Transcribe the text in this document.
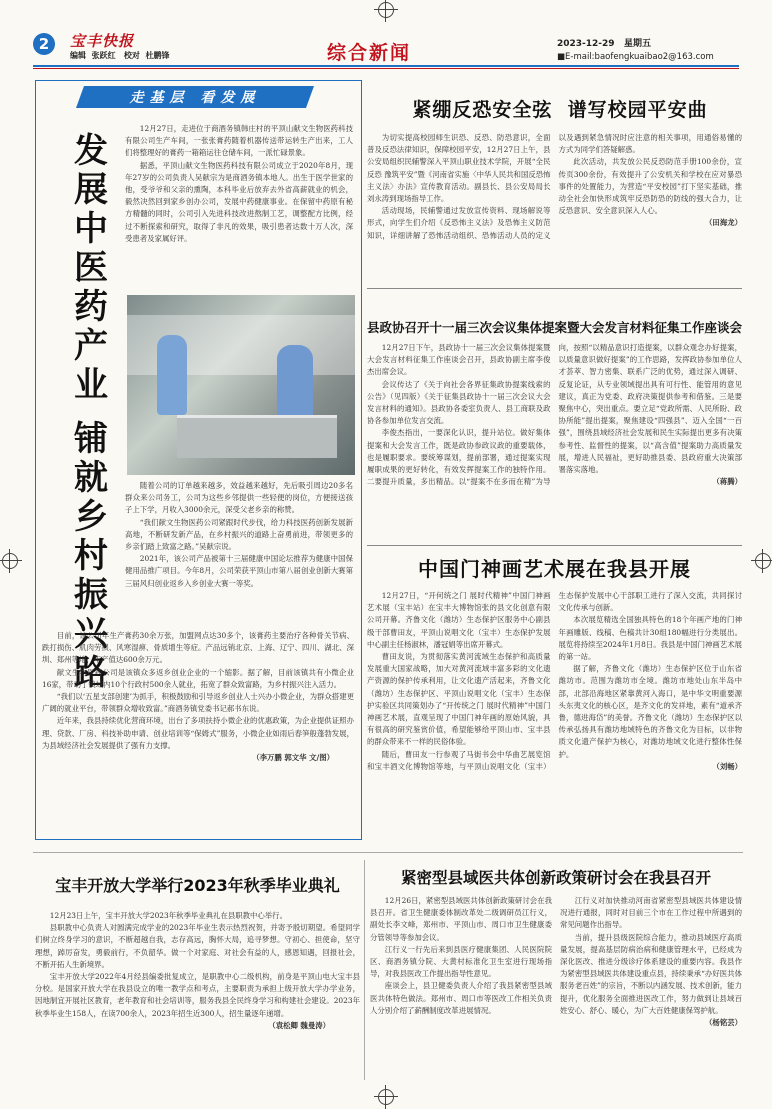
2	宝丰快报
编辑  张跃红   校对  杜鹏锋	综合新闻	2023-12-29   星期五
■E-mail:baofengkuaibao2@163.com
走基层 看发展
发展中医药产业
铺就乡村振兴路

12月27日，走进位于商酒务镇韩庄村的平顶山献文生物医药科技有限公司生产车间，一张张膏药随着机器传送带运转生产出来，工人们将整理好的膏药一箱箱运往仓储车间，一派忙碌景象。

据悉，平顶山献文生物医药科技有限公司成立于2020年8月，现年27岁的公司负责人吴献宗为是商酒务镇本地人。出生于医学世家的他，受爷爷和父亲的熏陶，本科毕业后放弃去外省高薪就业的机会，毅然决然回到家乡创办公司，发展中药健康事业。在保留中药原有秘方精髓的同时，公司引入先进科技改进熬制工艺，调整配方比例，经过不断探索和研究，取得了非凡的效果，吸引患者达数十万人次，深受患者及家属好评。

随着公司的订单越来越多，效益越来越好，先后吸引周边20多名群众来公司务工，公司为这些乡邻提供一些轻便的岗位，方便接送孩子上下学，月收入3000余元，深受父老乡亲的称赞。

“我们献文生物医药公司紧跟时代步伐，给力科技医药创新发展新高地，不断研发新产品，在乡村振兴的道路上奋勇前进，带领更多的乡亲们踏上致富之路。”吴献宗说。

2021年，该公司产品被第十三届健康中国论坛推荐为健康中国保健用品推广项目。今年8月，公司荣获平顶山市第八届创业创新大赛第三届风归创业返乡入乡创业大赛一等奖。

目前，该公司年生产膏药30余万张，加盟网点达30多个，该膏药主要治疗各种骨关节病、跌打损伤、肌肉劳损、风寒湿痹、骨质增生等症。产品远销北京、上海、辽宁、四川、湖北、深圳、郑州等地，年产值达600余万元。

献文生物医药公司是该镇众多返乡创业企业的一个缩影。据了解，目前该镇共有小微企业16家，带动了镇域内10个行政村500余人就业，拓宽了群众致富路，为乡村振兴注入活力。

“我们以‘五星支部创建’为抓手，积极鼓励和引导返乡创业人士兴办小微企业，为群众搭建更广阔的就业平台，带领群众增收致富。”商酒务镇党委书记郝书东说。

近年来，我县持续优化营商环境，出台了多项扶持小微企业的优惠政策，为企业提供证照办理、贷款、厂房、科技补助申请、创业培训等“保姆式”服务，小微企业如雨后春笋般蓬勃发展，为县域经济社会发展提供了强有力支撑。

（李万鹏 郭文华 文/图）
紧绷反恐安全弦  谱写校园平安曲

为切实提高校园师生识恐、反恐、防恐意识，全面普及反恐法律知识，保障校园平安，12月27日上午，县公安局组织民辅警深入平顶山职业技术学院，开展“全民反恐 豫筑平安”暨《河南省实施〈中华人民共和国反恐怖主义法〉办法》宣传教育活动。副县长、县公安局局长刘永涛到现场指导工作。

活动现场，民辅警通过发放宣传资料、现场解说等形式，向学生们介绍《反恐怖主义法》及恐怖主义防范知识，详细讲解了恐怖活动组织、恐怖活动人员的定义以及遇到紧急情况时应注意的相关事项，用通俗易懂的方式为同学们答疑解惑。

此次活动，共发放公民反恐防范手册100余份，宣传页300余份，有效提升了公安机关和学校在应对暴恐事件的处置能力，为营造“平安校园”打下坚实基础，推动全社会加快形成筑牢反恐防恐的防线的强大合力，让反恐意识、安全意识深入人心。

（田海龙）
县政协召开十一届三次会议集体提案暨大会发言材料征集工作座谈会

12月27日下午，县政协十一届三次会议集体提案暨大会发言材料征集工作座谈会召开，县政协副主席李俊杰出席会议。

会议传达了《关于向社会各界征集政协提案线索的公告》（见四版）《关于征集县政协十一届三次会议大会发言材料的通知》。县政协各委室负责人、县工商联及政协各参加单位发言交流。

李俊杰指出，一要深化认识，提升站位。做好集体提案和大会发言工作，既是政协参政议政的重要载体，也是履职要求。要统筹谋划，提前部署，通过提案实现履职成果的更好转化，有效发挥提案工作的独特作用。二要提升质量，多出精品。以“提案不在多而在精”为导向，按照“以精品意识打造提案，以群众观念办好提案，以质量意识做好提案”的工作思路，发挥政协参加单位人才荟萃、智力密集、联系广泛的优势，通过深入调研、反复论证，从专业领域提出具有可行性、能管用的意见建议，真正为党委、政府决策提供参考和借鉴。三是要聚焦中心，突出重点。要立足“党政所需、人民所盼、政协所能”提出提案，聚焦建设“四强县”、迈入全国“一百强”，围绕县域经济社会发展和民生实际提出更多有决策参考性、监督性的提案，以“高含值”提案助力高质量发展，增进人民福祉，更好助推县委、县政府重大决策部署落实落地。

（蒋腾）
中国门神画艺术展在我县开展

12月27日，“开何统之门 展时代精神”中国门神画艺术展（宝丰站）在宝丰大博物馆张的县文化创意有限公司开幕。齐鲁文化（潍坊）生态保护区服务中心副县级干部曹田友，平顶山说唱文化（宝丰）生态保护发展中心副主任杨淑林，潘冠娟等出席开幕式。

曹田友说，为贯彻落实黄河流域生态保护和高质量发展重大国家战略，加大对黄河流域丰富多彩的文化遗产资源的保护传承利用，让文化遗产活起来，齐鲁文化（潍坊）生态保护区、平顶山说唱文化（宝丰）生态保护实验区共同策划办了“开传统之门 展时代精神”中国门神画艺术展，直观呈现了中国门神年画的原始风貌，具有很高的研究鉴赏价值，希望能够给平顶山市、宝丰县的群众带来不一样的民俗体验。

随后，曹田友一行参观了马街书会中华曲艺展览馆和宝丰酒文化博物馆等地，与平顶山说唱文化（宝丰）生态保护发展中心干部职工进行了深入交流，共同探讨文化传承与创新。

本次展览精选全国独具特色的18个年画产地的门神年画雕版、线稿、色稿共计30组180幅进行分类展出。展览将持续至2024年1月8日。我县是中国门神画艺术展的第一站。

据了解，齐鲁文化（潍坊）生态保护区位于山东省潍坊市。范围为潍坊市全境。潍坊市地处山东半岛中部，北部沿海地区紧靠黄河入海口，是中华文明重要源头东夷文化的核心区，是齐文化的发祥地，素有“道承齐鲁，德进海岱”的美誉。齐鲁文化（潍坊）生态保护区以传承弘扬具有潍坊地域特色的齐鲁文化为目标，以非物质文化遗产保护为核心，对潍坊地域文化进行整体性保护。

（刘畅）
宝丰开放大学举行2023年秋季毕业典礼

12月23日上午，宝丰开放大学2023年秋季毕业典礼在县职教中心举行。

县职教中心负责人对圆满完成学业的2023年毕业生表示热烈祝贺，并寄予殷切期望。希望同学们树立终身学习的意识，不断超越自我，志存高远，胸怀大局，追寻梦想。守初心、担使命，坚守理想，踔厉奋发，勇毅前行，不负韶华。做一个对家庭、对社会有益的人，感恩知遇，回报社会，不断开拓人生新境界。

宝丰开放大学2022年4月经县编委批复成立，是职教中心二级机构，前身是平顶山电大宝丰县分校。是国家开放大学在我县设立的唯一教学点和考点，主要职责为承担上级开放大学办学业务，因地制宜开展社区教育，老年教育和社会培训等，服务我县全民终身学习和构建社会建设。2023年秋季毕业生158人，在读700余人，2023年招生近300人，招生量逐年递增。

（袁松卿 魏曼涛）
紧密型县域医共体创新政策研讨会在我县召开

12月26日，紧密型县域医共体创新政策研讨会在我县召开。省卫生健康委体制改革处二级调研员江行义，副处长李文峰，郑州市、平顶山市、周口市卫生健康委分管领导等参加会议。

江行义一行先后来到县医疗健康集团、人民医院院区、商酒务镇分院、大黄村标准化卫生室进行现场指导，对我县医改工作提出指导性意见。

座谈会上，县卫健委负责人介绍了我县紧密型县域医共体特色做法。郑州市、周口市等医改工作相关负责人分别介绍了薪酬制度改革进展情况。

江行义对加快推动河南省紧密型县域医共体建设情况进行通报，同时对目前三个市在工作过程中所遇到的常见问题作出指导。

当前，提升县级医院综合能力，推动县域医疗高质量发展，提高基层防病治病和健康管理水平，已经成为深化医改、推进分级诊疗体系建设的重要内容。我县作为紧密型县域医共体建设重点县，持续秉承“办好医共体 服务老百姓”的宗旨，不断以内涵发展、技术创新，能力提升，优化服务全面推进医改工作，努力做到让县域百姓安心、舒心、暖心，为广大百姓健康保驾护航。

（杨铭芸）
